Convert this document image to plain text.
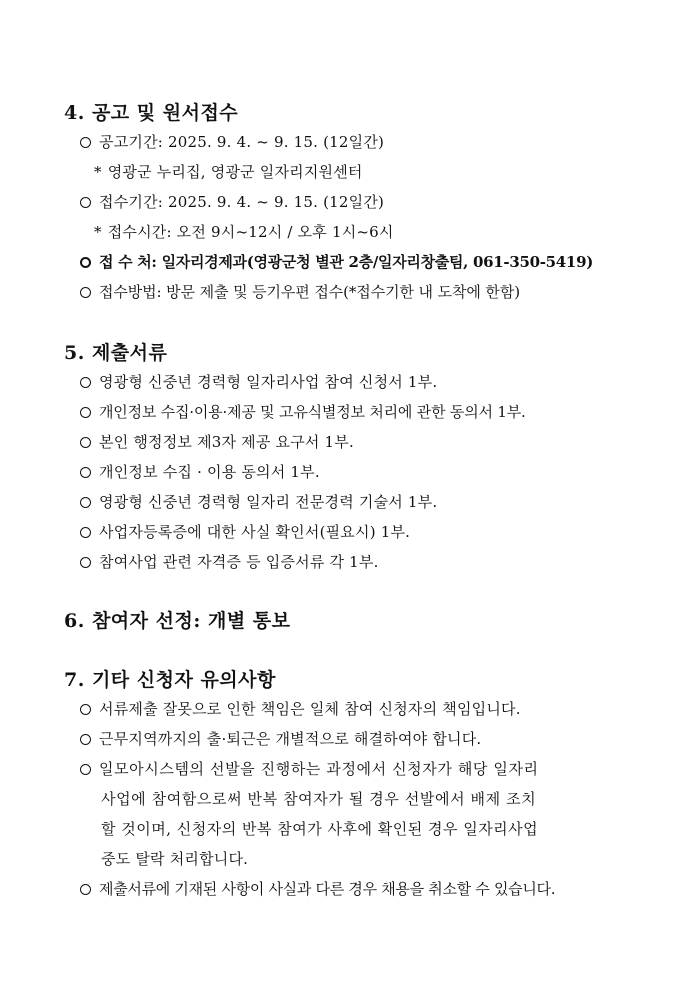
4. 공고 및 원서접수
공고기간: 2025. 9. 4. ~ 9. 15. (12일간)
* 영광군 누리집, 영광군 일자리지원센터
접수기간: 2025. 9. 4. ~ 9. 15. (12일간)
* 접수시간: 오전 9시~12시 / 오후 1시~6시
접 수 처: 일자리경제과(영광군청 별관 2층/일자리창출팀, 061-350-5419)
접수방법: 방문 제출 및 등기우편 접수(*접수기한 내 도착에 한함)
5. 제출서류
영광형 신중년 경력형 일자리사업 참여 신청서 1부.
개인정보 수집·이용·제공 및 고유식별정보 처리에 관한 동의서 1부.
본인 행정정보 제3자 제공 요구서 1부.
개인정보 수집 · 이용 동의서 1부.
영광형 신중년 경력형 일자리 전문경력 기술서 1부.
사업자등록증에 대한 사실 확인서(필요시) 1부.
참여사업 관련 자격증 등 입증서류 각 1부.
6. 참여자 선정: 개별 통보
7. 기타 신청자 유의사항
서류제출 잘못으로 인한 책임은 일체 참여 신청자의 책임입니다.
근무지역까지의 출·퇴근은 개별적으로 해결하여야 합니다.
일모아시스템의 선발을 진행하는 과정에서 신청자가 해당 일자리
사업에 참여함으로써 반복 참여자가 될 경우 선발에서 배제 조치
할 것이며, 신청자의 반복 참여가 사후에 확인된 경우 일자리사업
중도 탈락 처리합니다.
제출서류에 기재된 사항이 사실과 다른 경우 채용을 취소할 수 있습니다.
